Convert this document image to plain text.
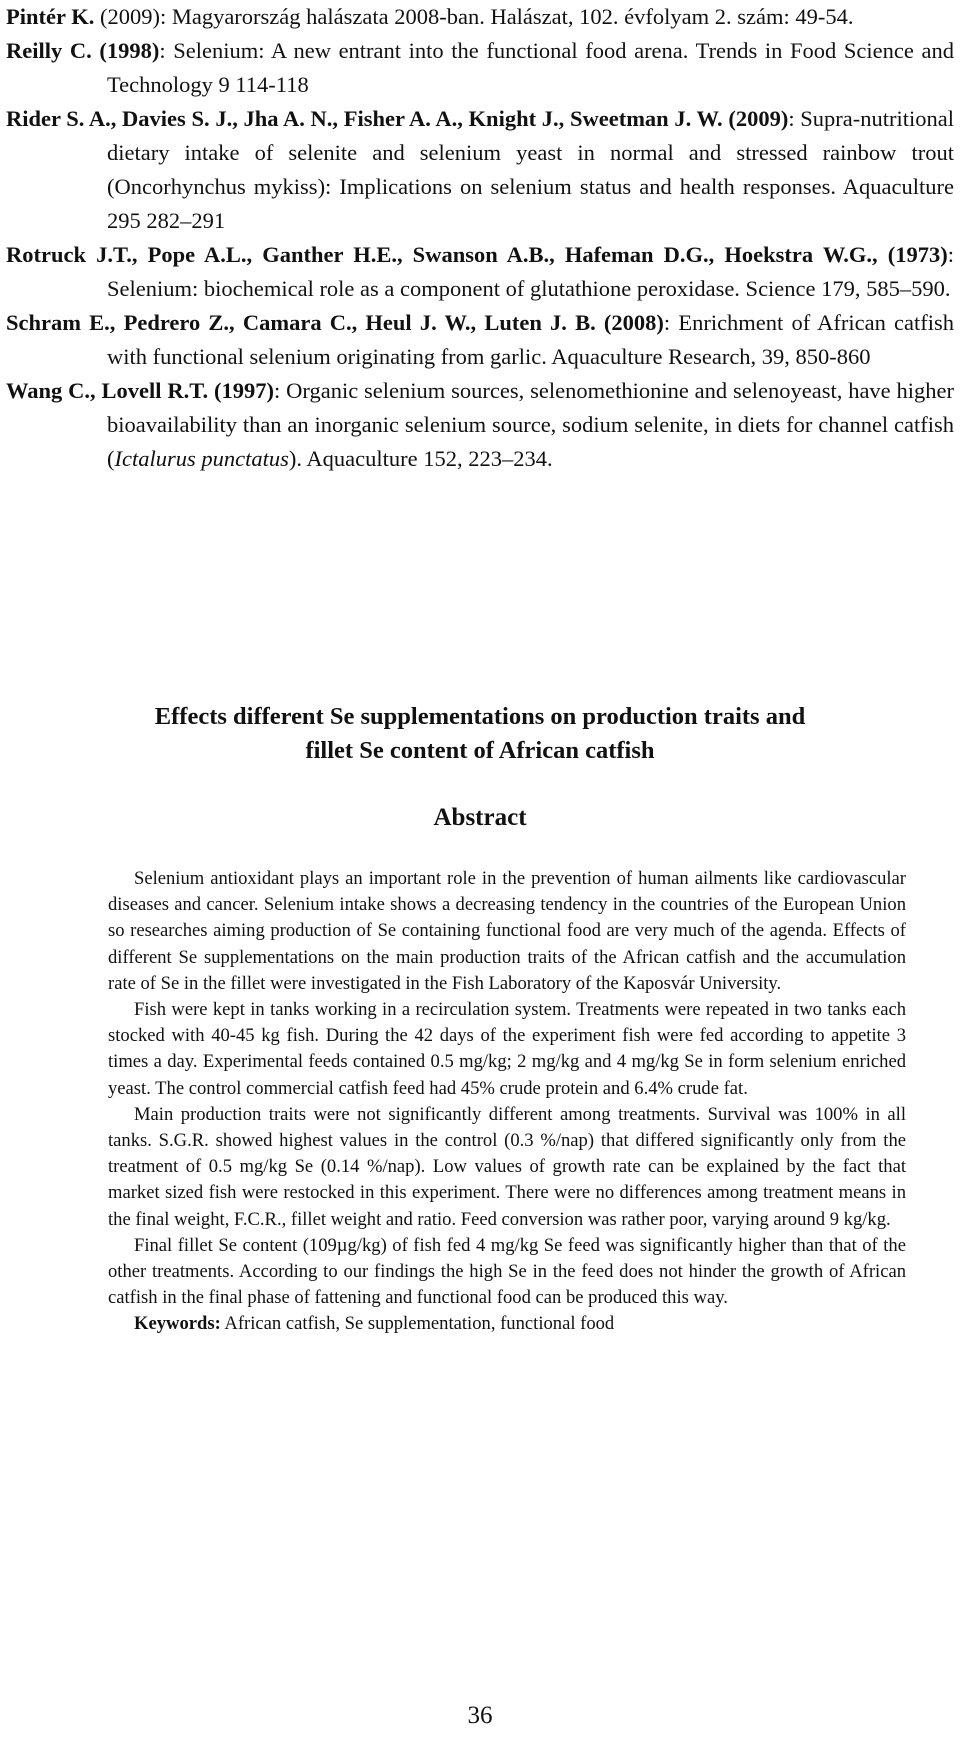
Pintér K. (2009): Magyarország halászata 2008-ban. Halászat, 102. évfolyam 2. szám: 49-54.
Reilly C. (1998): Selenium: A new entrant into the functional food arena. Trends in Food Science and Technology 9 114-118
Rider S. A., Davies S. J., Jha A. N., Fisher A. A., Knight J., Sweetman J. W. (2009): Supra-nutritional dietary intake of selenite and selenium yeast in normal and stressed rainbow trout (Oncorhynchus mykiss): Implications on selenium status and health responses. Aquaculture 295 282–291
Rotruck J.T., Pope A.L., Ganther H.E., Swanson A.B., Hafeman D.G., Hoekstra W.G., (1973): Selenium: biochemical role as a component of glutathione peroxidase. Science 179, 585–590.
Schram E., Pedrero Z., Camara C., Heul J. W., Luten J. B. (2008): Enrichment of African catfish with functional selenium originating from garlic. Aquaculture Research, 39, 850-860
Wang C., Lovell R.T. (1997): Organic selenium sources, selenomethionine and selenoyeast, have higher bioavailability than an inorganic selenium source, sodium selenite, in diets for channel catfish (Ictalurus punctatus). Aquaculture 152, 223–234.
Effects different Se supplementations on production traits and
fillet Se content of African catfish
Abstract

Selenium antioxidant plays an important role in the prevention of human ailments like cardiovascular diseases and cancer. Selenium intake shows a decreasing tendency in the countries of the European Union so researches aiming production of Se containing functional food are very much of the agenda. Effects of different Se supplementations on the main production traits of the African catfish and the accumulation rate of Se in the fillet were investigated in the Fish Laboratory of the Kaposvár University.

Fish were kept in tanks working in a recirculation system. Treatments were repeated in two tanks each stocked with 40-45 kg fish. During the 42 days of the experiment fish were fed according to appetite 3 times a day. Experimental feeds contained 0.5 mg/kg; 2 mg/kg and 4 mg/kg Se in form selenium enriched yeast. The control commercial catfish feed had 45% crude protein and 6.4% crude fat.

Main production traits were not significantly different among treatments. Survival was 100% in all tanks. S.G.R. showed highest values in the control (0.3 %/nap) that differed significantly only from the treatment of 0.5 mg/kg Se (0.14 %/nap). Low values of growth rate can be explained by the fact that market sized fish were restocked in this experiment. There were no differences among treatment means in the final weight, F.C.R., fillet weight and ratio. Feed conversion was rather poor, varying around 9 kg/kg.

Final fillet Se content (109µg/kg) of fish fed 4 mg/kg Se feed was significantly higher than that of the other treatments. According to our findings the high Se in the feed does not hinder the growth of African catfish in the final phase of fattening and functional food can be produced this way.

Keywords: African catfish, Se supplementation, functional food

36
